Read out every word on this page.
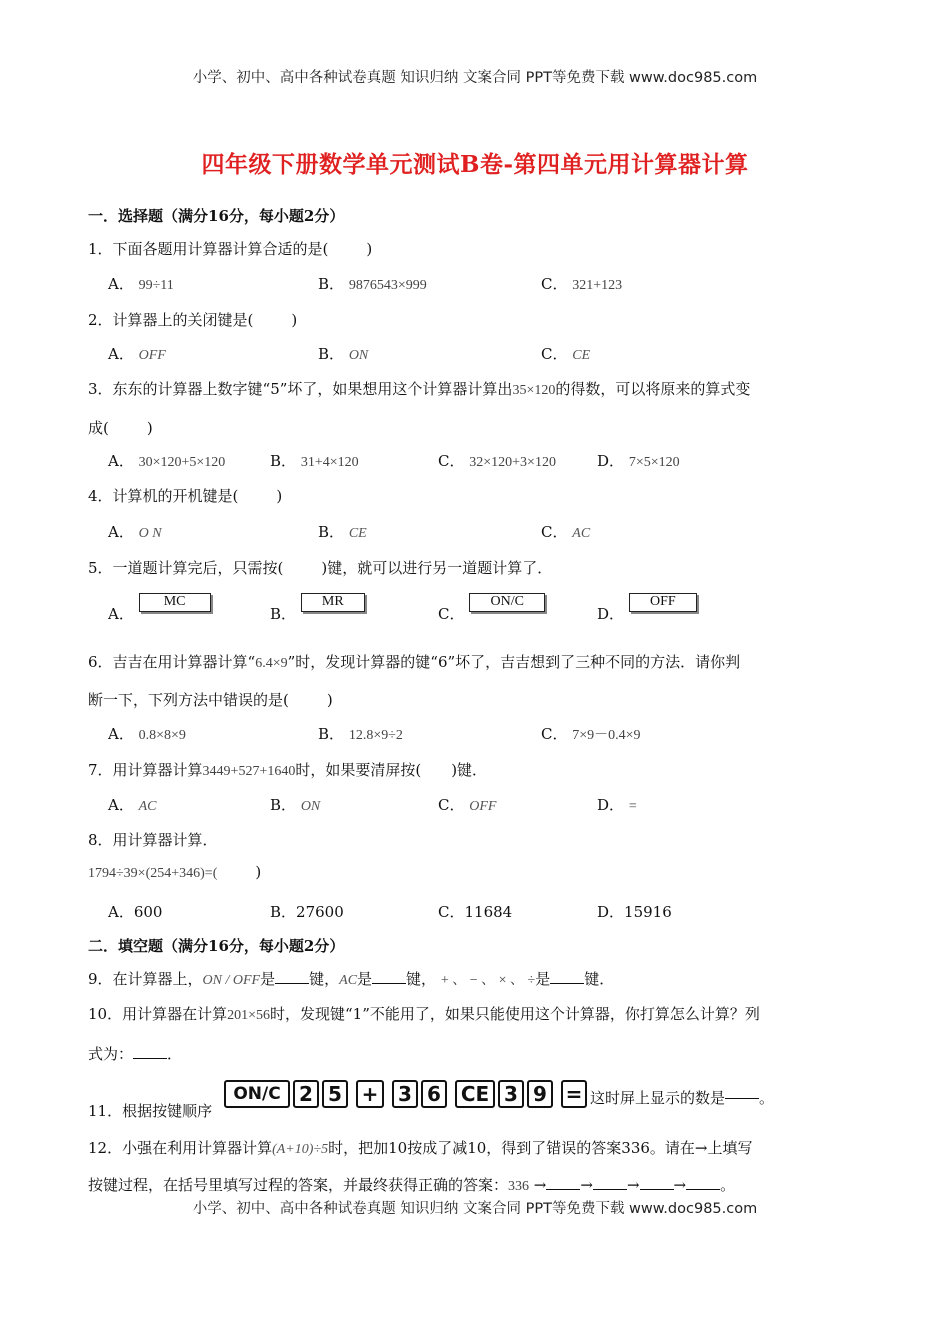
小学、初中、高中各种试卷真题 知识归纳 文案合同 PPT等免费下载 www.doc985.com
四年级下册数学单元测试B卷-第四单元用计算器计算
一．选择题（满分16分，每小题2分）
1．下面各题用计算器计算合适的是(	)
A． 99÷11	B． 9876543×999	C． 321+123
2．计算器上的关闭键是(	)
A． OFF	B． ON	C． CE
3．东东的计算器上数字键“5”坏了，如果想用这个计算器计算出35×120的得数，可以将原来的算式变
成(	)
A． 30×120+5×120	B． 31+4×120	C． 32×120+3×120	D． 7×5×120
4．计算机的开机键是(	)
A． O N	B． CE	C． AC
5．一道题计算完后，只需按(	)键，就可以进行另一道题计算了．
A． MC
B． MR
C． ON/C
D． OFF
6．吉吉在用计算器计算“6.4×9”时，发现计算器的键“6”坏了，吉吉想到了三种不同的方法．请你判
断一下，下列方法中错误的是(	)
A． 0.8×8×9	B． 12.8×9÷2	C． 7×9－0.4×9
7．用计算器计算3449+527+1640时，如果要清屏按( )键．
A． AC	B． ON	C． OFF	D． =
8．用计算器计算．
1794÷39×(254+346)=(	)
A．600	B．27600	C．11684	D．15916
二．填空题（满分16分，每小题2分）
9．在计算器上，ON / OFF是 键，AC是 键， + 、 − 、 × 、 ÷是 键．
10．用计算器在计算201×56时，发现键“1”不能用了，如果只能使用这个计算器，你打算怎么计算？列
式为： ．
11．根据按键顺序
ON/C 2 5 + 3 6 CE 3 9 = 这时屏上显示的数是 。
12．小强在利用计算器计算(A+10)÷5时，把加10按成了减10，得到了错误的答案336。请在→上填写
按键过程，在括号里填写过程的答案，并最终获得正确的答案：336 → → → → 。
小学、初中、高中各种试卷真题 知识归纳 文案合同 PPT等免费下载 www.doc985.com
